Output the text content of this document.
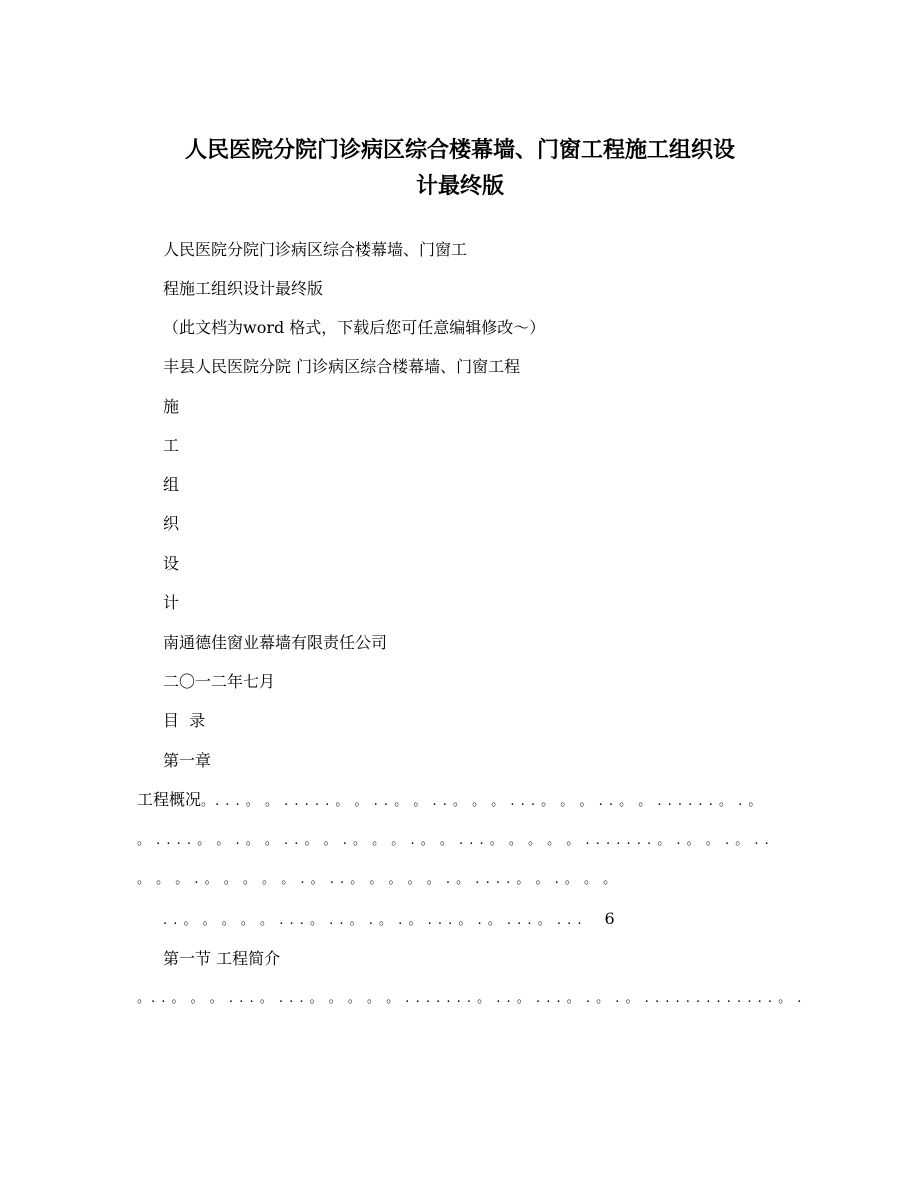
人民医院分院门诊病区综合楼幕墙、门窗工程施工组织设
计最终版

人民医院分院门诊病区综合楼幕墙、门窗工

程施工组织设计最终版

（此文档为word 格式，下载后您可任意编辑修改～）

丰县人民医院分院 门诊病区综合楼幕墙、门窗工程

施

工

组

织

设

计

南通德佳窗业幕墙有限责任公司

二〇一二年七月

目  录

第一章

工程概况。. . . 。 。 . . . . . 。 。 . . 。 。 . . 。 。 。 . . . 。 。 。 . . 。 。 . . . . . . 。 . 。

。 . . . . 。 。 . 。 。 . . 。 。 . 。 。 。 . 。 。 . . . 。 。 。 。 。 . . . . . . . 。 . 。 。 . 。 . .

。 。 。 . 。 。 。 。 。 . 。 . . 。 。 。 。 。 . 。 . . . . 。 。 . 。 。 。

. . 。 。 。 。 。 . . . 。 . . 。 . 。 . 。 . . . 。 . 。 . . . 。 . . . 6

第一节 工程简介

。. . 。 。 。 . . . 。 . . . 。 。 。 。 。 . . . . . . . 。 . . 。 . . . 。 . 。 . 。 . . . . . . . . . . . . . 。 .
